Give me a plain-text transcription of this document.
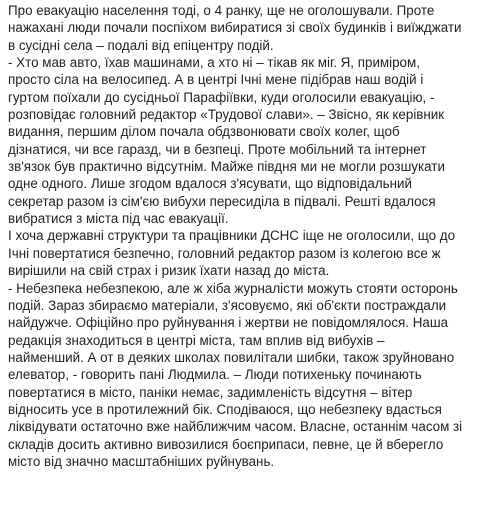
Про евакуацію населення тоді, о 4 ранку, ще не оголошували. Проте
нажахані люди почали поспіхом вибиратися зі своїх будинків і виїжджати
в сусідні села – подалі від епіцентру подій.
- Хто мав авто, їхав машинами, а хто ні – тікав як міг. Я, приміром,
просто сіла на велосипед. А в центрі Ічні мене підібрав наш водій і
гуртом поїхали до сусідньої Парафіївки, куди оголосили евакуацію, -
розповідає головний редактор «Трудової слави». – Звісно, як керівник
видання, першим ділом почала обдзвонювати своїх колег, щоб
дізнатися, чи все гаразд, чи в безпеці. Проте мобільний та інтернет
зв'язок був практично відсутнім. Майже півдня ми не могли розшукати
одне одного. Лише згодом вдалося з'ясувати, що відповідальний
секретар разом із сім'єю вибухи пересиділа в підвалі. Решті вдалося
вибратися з міста під час евакуації.
І хоча державні структури та працівники ДСНС іще не оголосили, що до
Ічні повертатися безпечно, головний редактор разом із колегою все ж
вирішили на свій страх і ризик їхати назад до міста.
- Небезпека небезпекою, але ж хіба журналісти можуть стояти осторонь
подій. Зараз збираємо матеріали, з'ясовуємо, які об'єкти постраждали
найдужче. Офіційно про руйнування і жертви не повідомлялося. Наша
редакція знаходиться в центрі міста, там вплив від вибухів –
найменший. А от в деяких школах повилітали шибки, також зруйновано
елеватор, - говорить пані Людмила. – Люди потихеньку починають
повертатися в місто, паніки немає, задимленість відсутня – вітер
відносить усе в протилежний бік. Сподіваюся, що небезпеку вдасться
ліквідувати остаточно вже найближчим часом. Власне, останнім часом зі
складів досить активно вивозилися боєприпаси, певне, це й вберегло
місто від значно масштабніших руйнувань.
